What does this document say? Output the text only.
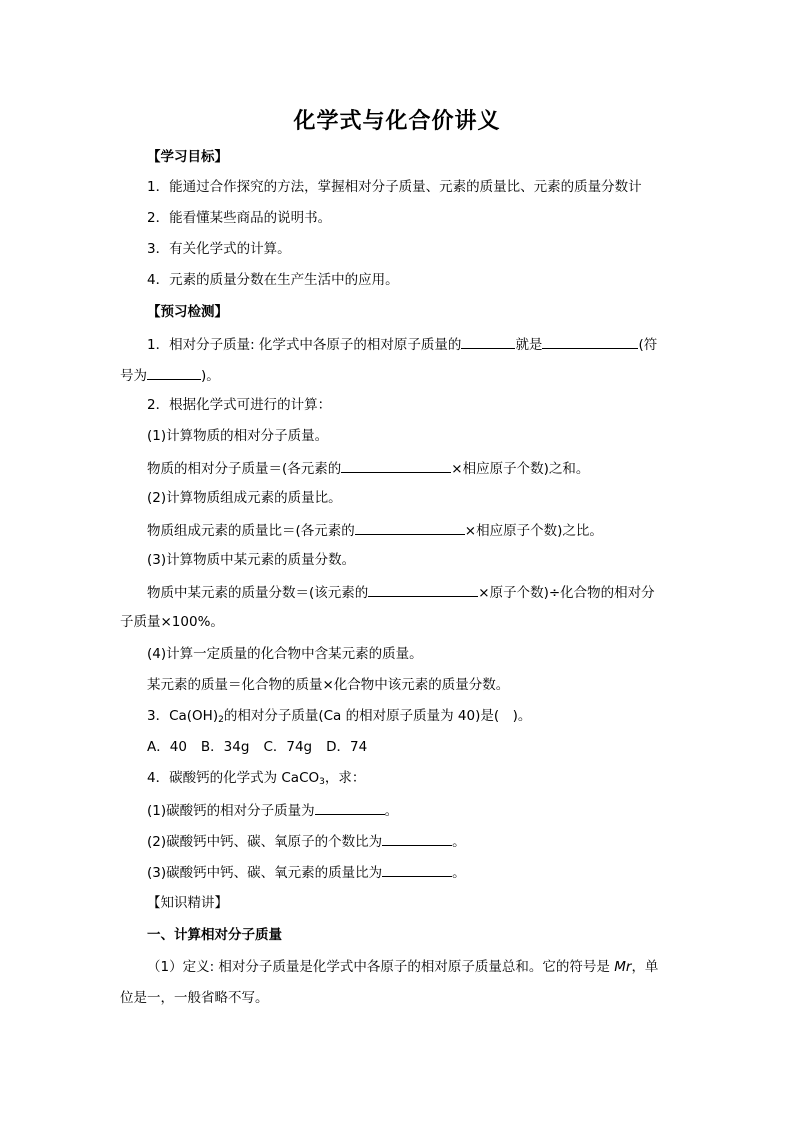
化学式与化合价讲义
【学习目标】
1．能通过合作探究的方法，掌握相对分子质量、元素的质量比、元素的质量分数计
2．能看懂某些商品的说明书。
3．有关化学式的计算。
4．元素的质量分数在生产生活中的应用。
【预习检测】
1．相对分子质量: 化学式中各原子的相对原子质量的	就是	(符
号为	)。
2．根据化学式可进行的计算：
(1)计算物质的相对分子质量。
物质的相对分子质量＝(各元素的	×相应原子个数)之和。
(2)计算物质组成元素的质量比。
物质组成元素的质量比＝(各元素的	×相应原子个数)之比。
(3)计算物质中某元素的质量分数。
物质中某元素的质量分数＝(该元素的	×原子个数)÷化合物的相对分
子质量×100%。
(4)计算一定质量的化合物中含某元素的质量。
某元素的质量＝化合物的质量×化合物中该元素的质量分数。
3．$Ca(OH)_2$的相对分子质量(Ca 的相对原子质量为 40)是(　)。
A．40 B．34g C．74g D．74
4．碳酸钙的化学式为 CaCO$_3$，求：
(1)碳酸钙的相对分子质量为	。
(2)碳酸钙中钙、碳、氧原子的个数比为	。
(3)碳酸钙中钙、碳、氧元素的质量比为	。
【知识精讲】
一、计算相对分子质量
（1）定义: 相对分子质量是化学式中各原子的相对原子质量总和。它的符号是 Mr，单
位是一，一般省略不写。
